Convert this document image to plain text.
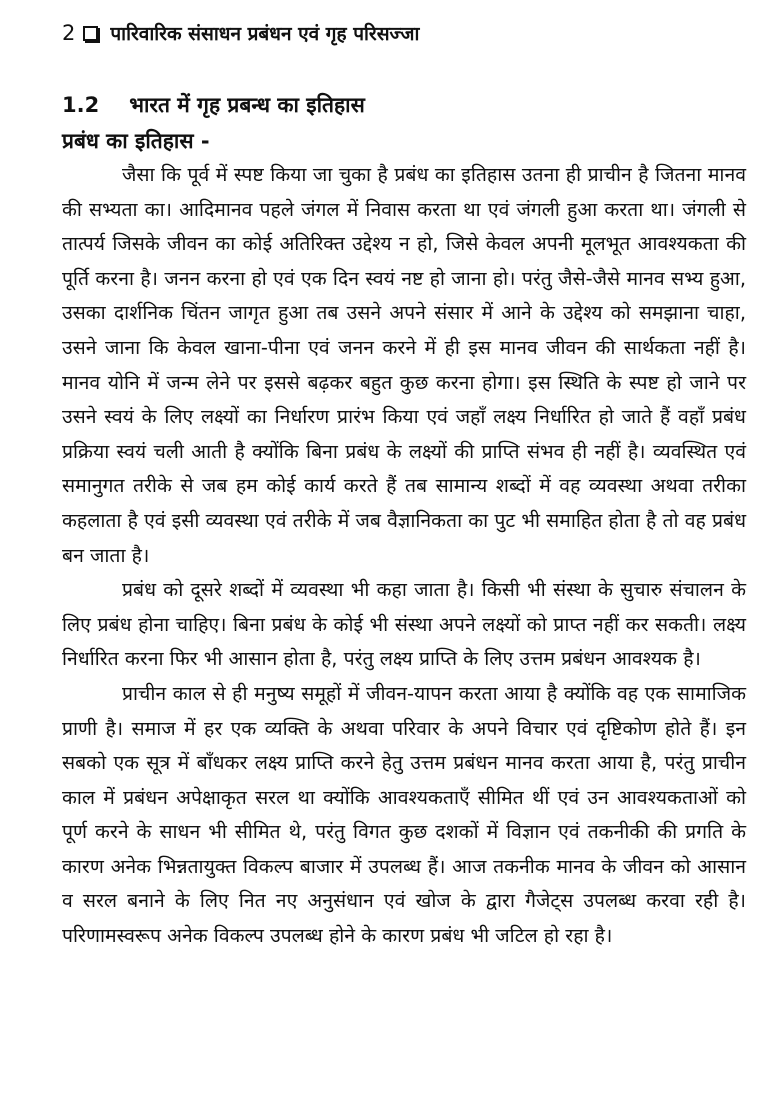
2 पारिवारिक संसाधन प्रबंधन एवं गृह परिसज्जा
1.2 भारत में गृह प्रबन्ध का इतिहास
प्रबंध का इतिहास -

जैसा कि पूर्व में स्पष्ट किया जा चुका है प्रबंध का इतिहास उतना ही प्राचीन है जितना मानव की सभ्यता का। आदिमानव पहले जंगल में निवास करता था एवं जंगली हुआ करता था। जंगली से तात्पर्य जिसके जीवन का कोई अतिरिक्त उद्देश्य न हो, जिसे केवल अपनी मूलभूत आवश्यकता की पूर्ति करना है। जनन करना हो एवं एक दिन स्वयं नष्ट हो जाना हो। परंतु जैसे-जैसे मानव सभ्य हुआ, उसका दार्शनिक चिंतन जागृत हुआ तब उसने अपने संसार में आने के उद्देश्य को समझाना चाहा, उसने जाना कि केवल खाना-पीना एवं जनन करने में ही इस मानव जीवन की सार्थकता नहीं है। मानव योनि में जन्म लेने पर इससे बढ़कर बहुत कुछ करना होगा। इस स्थिति के स्पष्ट हो जाने पर उसने स्वयं के लिए लक्ष्यों का निर्धारण प्रारंभ किया एवं जहाँ लक्ष्य निर्धारित हो जाते हैं वहाँ प्रबंध प्रक्रिया स्वयं चली आती है क्योंकि बिना प्रबंध के लक्ष्यों की प्राप्ति संभव ही नहीं है। व्यवस्थित एवं समानुगत तरीके से जब हम कोई कार्य करते हैं तब सामान्य शब्दों में वह व्यवस्था अथवा तरीका कहलाता है एवं इसी व्यवस्था एवं तरीके में जब वैज्ञानिकता का पुट भी समाहित होता है तो वह प्रबंध बन जाता है।

प्रबंध को दूसरे शब्दों में व्यवस्था भी कहा जाता है। किसी भी संस्था के सुचारु संचालन के लिए प्रबंध होना चाहिए। बिना प्रबंध के कोई भी संस्था अपने लक्ष्यों को प्राप्त नहीं कर सकती। लक्ष्य निर्धारित करना फिर भी आसान होता है, परंतु लक्ष्य प्राप्ति के लिए उत्तम प्रबंधन आवश्यक है।

प्राचीन काल से ही मनुष्य समूहों में जीवन-यापन करता आया है क्योंकि वह एक सामाजिक प्राणी है। समाज में हर एक व्यक्ति के अथवा परिवार के अपने विचार एवं दृष्टिकोण होते हैं। इन सबको एक सूत्र में बाँधकर लक्ष्य प्राप्ति करने हेतु उत्तम प्रबंधन मानव करता आया है, परंतु प्राचीन काल में प्रबंधन अपेक्षाकृत सरल था क्योंकि आवश्यकताएँ सीमित थीं एवं उन आवश्यकताओं को पूर्ण करने के साधन भी सीमित थे, परंतु विगत कुछ दशकों में विज्ञान एवं तकनीकी की प्रगति के कारण अनेक भिन्नतायुक्त विकल्प बाजार में उपलब्ध हैं। आज तकनीक मानव के जीवन को आसान व सरल बनाने के लिए नित नए अनुसंधान एवं खोज के द्वारा गैजेट्स उपलब्ध करवा रही है। परिणामस्वरूप अनेक विकल्प उपलब्ध होने के कारण प्रबंध भी जटिल हो रहा है।
